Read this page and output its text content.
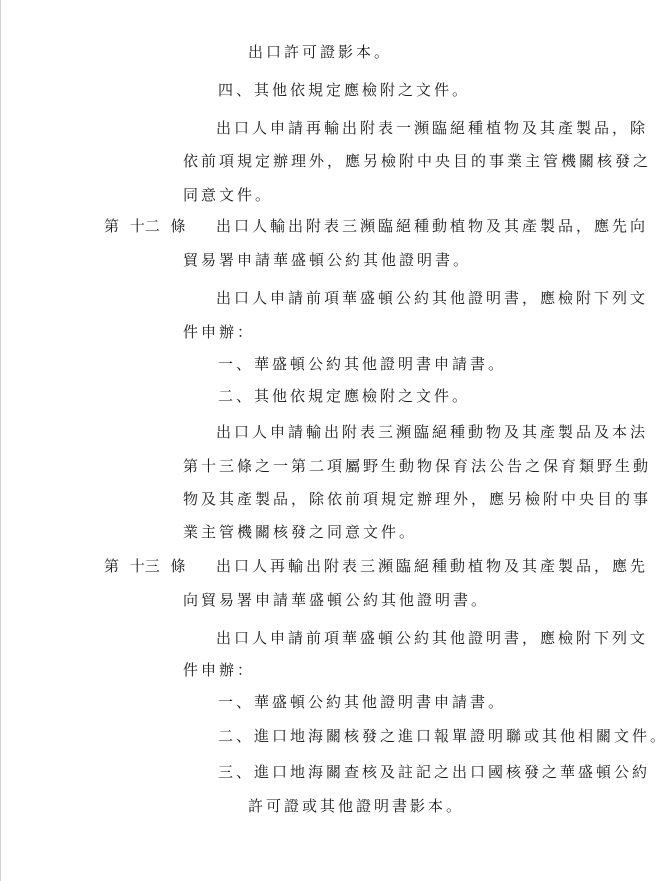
出口許可證影本。
四、其他依規定應檢附之文件。
出口人申請再輸出附表一瀕臨絕種植物及其產製品，除
依前項規定辦理外，應另檢附中央目的事業主管機關核發之
同意文件。
第 十二 條 出口人輸出附表三瀕臨絕種動植物及其產製品，應先向
貿易署申請華盛頓公約其他證明書。
出口人申請前項華盛頓公約其他證明書，應檢附下列文
件申辦：
一、華盛頓公約其他證明書申請書。
二、其他依規定應檢附之文件。
出口人申請輸出附表三瀕臨絕種動物及其產製品及本法
第十三條之一第二項屬野生動物保育法公告之保育類野生動
物及其產製品，除依前項規定辦理外，應另檢附中央目的事
業主管機關核發之同意文件。
第 十三 條 出口人再輸出附表三瀕臨絕種動植物及其產製品，應先
向貿易署申請華盛頓公約其他證明書。
出口人申請前項華盛頓公約其他證明書，應檢附下列文
件申辦：
一、華盛頓公約其他證明書申請書。
二、進口地海關核發之進口報單證明聯或其他相關文件。
三、進口地海關查核及註記之出口國核發之華盛頓公約
許可證或其他證明書影本。
